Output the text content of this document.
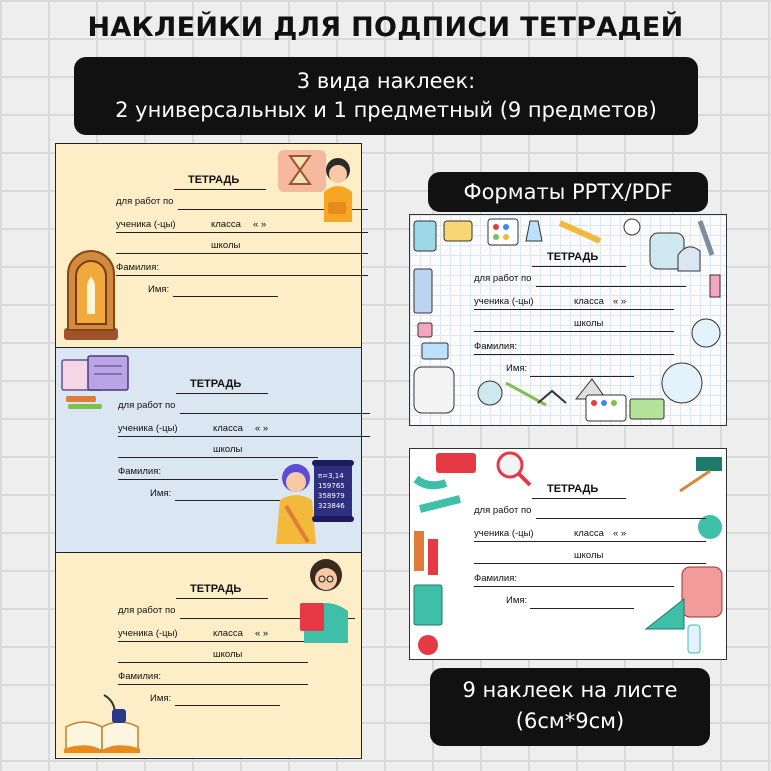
НАКЛЕЙКИ ДЛЯ ПОДПИСИ ТЕТРАДЕЙ
3 вида наклеек:
2 универсальных и 1 предметный (9 предметов)
ТЕТРАДЬ
для работ по
ученика (-цы)	класса « »
школы
Фамилия:
Имя:
ТЕТРАДЬ
для работ по
ученика (-цы)	класса « »
школы
Фамилия:
Имя:
π=3,14
159765
358979
323846
ТЕТРАДЬ
для работ по
ученика (-цы)	класса « »
школы
Фамилия:
Имя:
Форматы PPTX/PDF
ТЕТРАДЬ
для работ по
ученика (-цы)	класса « »
школы
Фамилия:
Имя:
ТЕТРАДЬ
для работ по
ученика (-цы)	класса « »
школы
Фамилия:
Имя:
9 наклеек на листе
(6см*9см)
